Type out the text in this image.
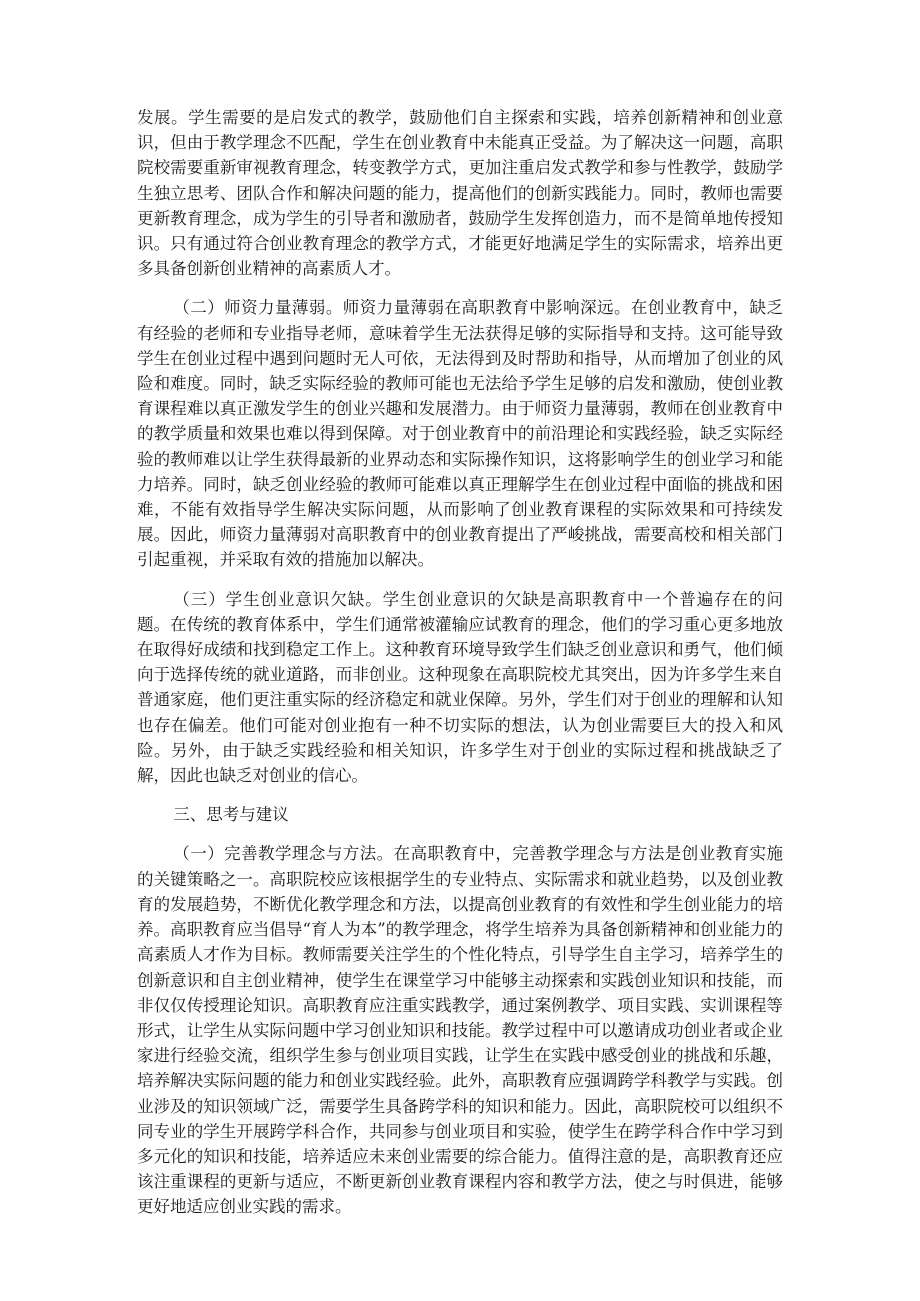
发展。学生需要的是启发式的教学，鼓励他们自主探索和实践，培养创新精神和创业意识，但由于教学理念不匹配，学生在创业教育中未能真正受益。为了解决这一问题，高职院校需要重新审视教育理念，转变教学方式，更加注重启发式教学和参与性教学，鼓励学生独立思考、团队合作和解决问题的能力，提高他们的创新实践能力。同时，教师也需要更新教育理念，成为学生的引导者和激励者，鼓励学生发挥创造力，而不是简单地传授知识。只有通过符合创业教育理念的教学方式，才能更好地满足学生的实际需求，培养出更多具备创新创业精神的高素质人才。

（二）师资力量薄弱。师资力量薄弱在高职教育中影响深远。在创业教育中，缺乏有经验的老师和专业指导老师，意味着学生无法获得足够的实际指导和支持。这可能导致学生在创业过程中遇到问题时无人可依，无法得到及时帮助和指导，从而增加了创业的风险和难度。同时，缺乏实际经验的教师可能也无法给予学生足够的启发和激励，使创业教育课程难以真正激发学生的创业兴趣和发展潜力。由于师资力量薄弱，教师在创业教育中的教学质量和效果也难以得到保障。对于创业教育中的前沿理论和实践经验，缺乏实际经验的教师难以让学生获得最新的业界动态和实际操作知识，这将影响学生的创业学习和能力培养。同时，缺乏创业经验的教师可能难以真正理解学生在创业过程中面临的挑战和困难，不能有效指导学生解决实际问题，从而影响了创业教育课程的实际效果和可持续发展。因此，师资力量薄弱对高职教育中的创业教育提出了严峻挑战，需要高校和相关部门引起重视，并采取有效的措施加以解决。

（三）学生创业意识欠缺。学生创业意识的欠缺是高职教育中一个普遍存在的问题。在传统的教育体系中，学生们通常被灌输应试教育的理念，他们的学习重心更多地放在取得好成绩和找到稳定工作上。这种教育环境导致学生们缺乏创业意识和勇气，他们倾向于选择传统的就业道路，而非创业。这种现象在高职院校尤其突出，因为许多学生来自普通家庭，他们更注重实际的经济稳定和就业保障。另外，学生们对于创业的理解和认知也存在偏差。他们可能对创业抱有一种不切实际的想法，认为创业需要巨大的投入和风险。另外，由于缺乏实践经验和相关知识，许多学生对于创业的实际过程和挑战缺乏了解，因此也缺乏对创业的信心。

三、思考与建议

（一）完善教学理念与方法。在高职教育中，完善教学理念与方法是创业教育实施的关键策略之一。高职院校应该根据学生的专业特点、实际需求和就业趋势，以及创业教育的发展趋势，不断优化教学理念和方法，以提高创业教育的有效性和学生创业能力的培养。高职教育应当倡导“育人为本”的教学理念，将学生培养为具备创新精神和创业能力的高素质人才作为目标。教师需要关注学生的个性化特点，引导学生自主学习，培养学生的创新意识和自主创业精神，使学生在课堂学习中能够主动探索和实践创业知识和技能，而非仅仅传授理论知识。高职教育应注重实践教学，通过案例教学、项目实践、实训课程等形式，让学生从实际问题中学习创业知识和技能。教学过程中可以邀请成功创业者或企业家进行经验交流，组织学生参与创业项目实践，让学生在实践中感受创业的挑战和乐趣，培养解决实际问题的能力和创业实践经验。此外，高职教育应强调跨学科教学与实践。创业涉及的知识领域广泛，需要学生具备跨学科的知识和能力。因此，高职院校可以组织不同专业的学生开展跨学科合作，共同参与创业项目和实验，使学生在跨学科合作中学习到多元化的知识和技能，培养适应未来创业需要的综合能力。值得注意的是，高职教育还应该注重课程的更新与适应，不断更新创业教育课程内容和教学方法，使之与时俱进，能够更好地适应创业实践的需求。
